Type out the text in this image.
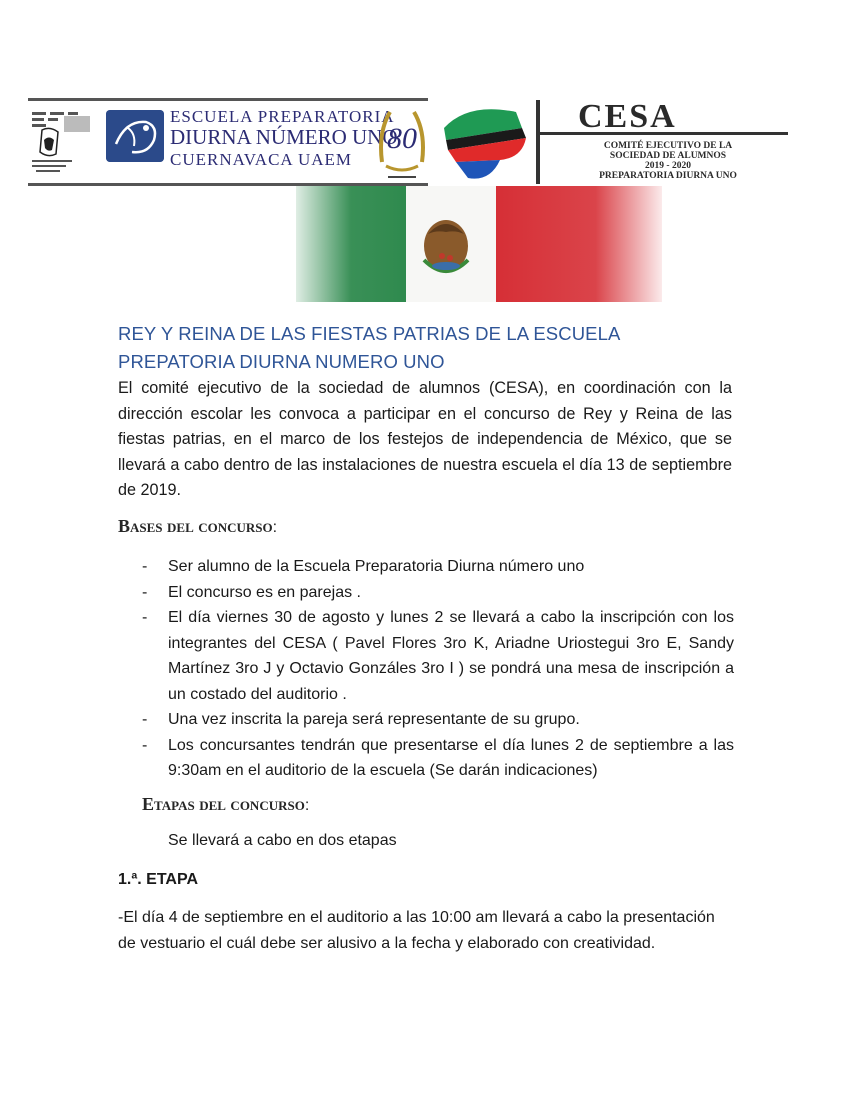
ESCUELA PREPARATORIA
DIURNA NÚMERO UNO
CUERNAVACA UAEM
80
CESA
COMITÉ EJECUTIVO DE LA
SOCIEDAD DE ALUMNOS
2019 - 2020
PREPARATORIA DIURNA UNO
REY Y REINA DE LAS FIESTAS PATRIAS DE LA ESCUELA PREPATORIA DIURNA NUMERO UNO
El comité ejecutivo de la sociedad de alumnos (CESA), en coordinación con la dirección escolar les convoca a participar en el concurso de Rey y Reina de las fiestas patrias, en el marco de los festejos de independencia de México, que se llevará a cabo dentro de las instalaciones de nuestra escuela el día 13 de septiembre de 2019.
Bases del concurso:
- Ser alumno de la Escuela Preparatoria Diurna número uno
- El concurso es en parejas .
- El día viernes 30 de agosto y lunes 2 se llevará a cabo la inscripción con los integrantes del CESA ( Pavel Flores 3ro K, Ariadne Uriostegui 3ro E, Sandy Martínez 3ro J y Octavio Gonzáles 3ro I ) se pondrá una mesa de inscripción a un costado del auditorio .
- Una vez inscrita la pareja será representante de su grupo.
- Los concursantes tendrán que presentarse el día lunes 2 de septiembre a las 9:30am en el auditorio de la escuela (Se darán indicaciones)
Etapas del concurso:
Se llevará a cabo en dos etapas
1.ª. ETAPA
-El día 4 de septiembre en el auditorio a las 10:00 am llevará a cabo la presentación de vestuario el cuál debe ser alusivo a la fecha y elaborado con creatividad.
